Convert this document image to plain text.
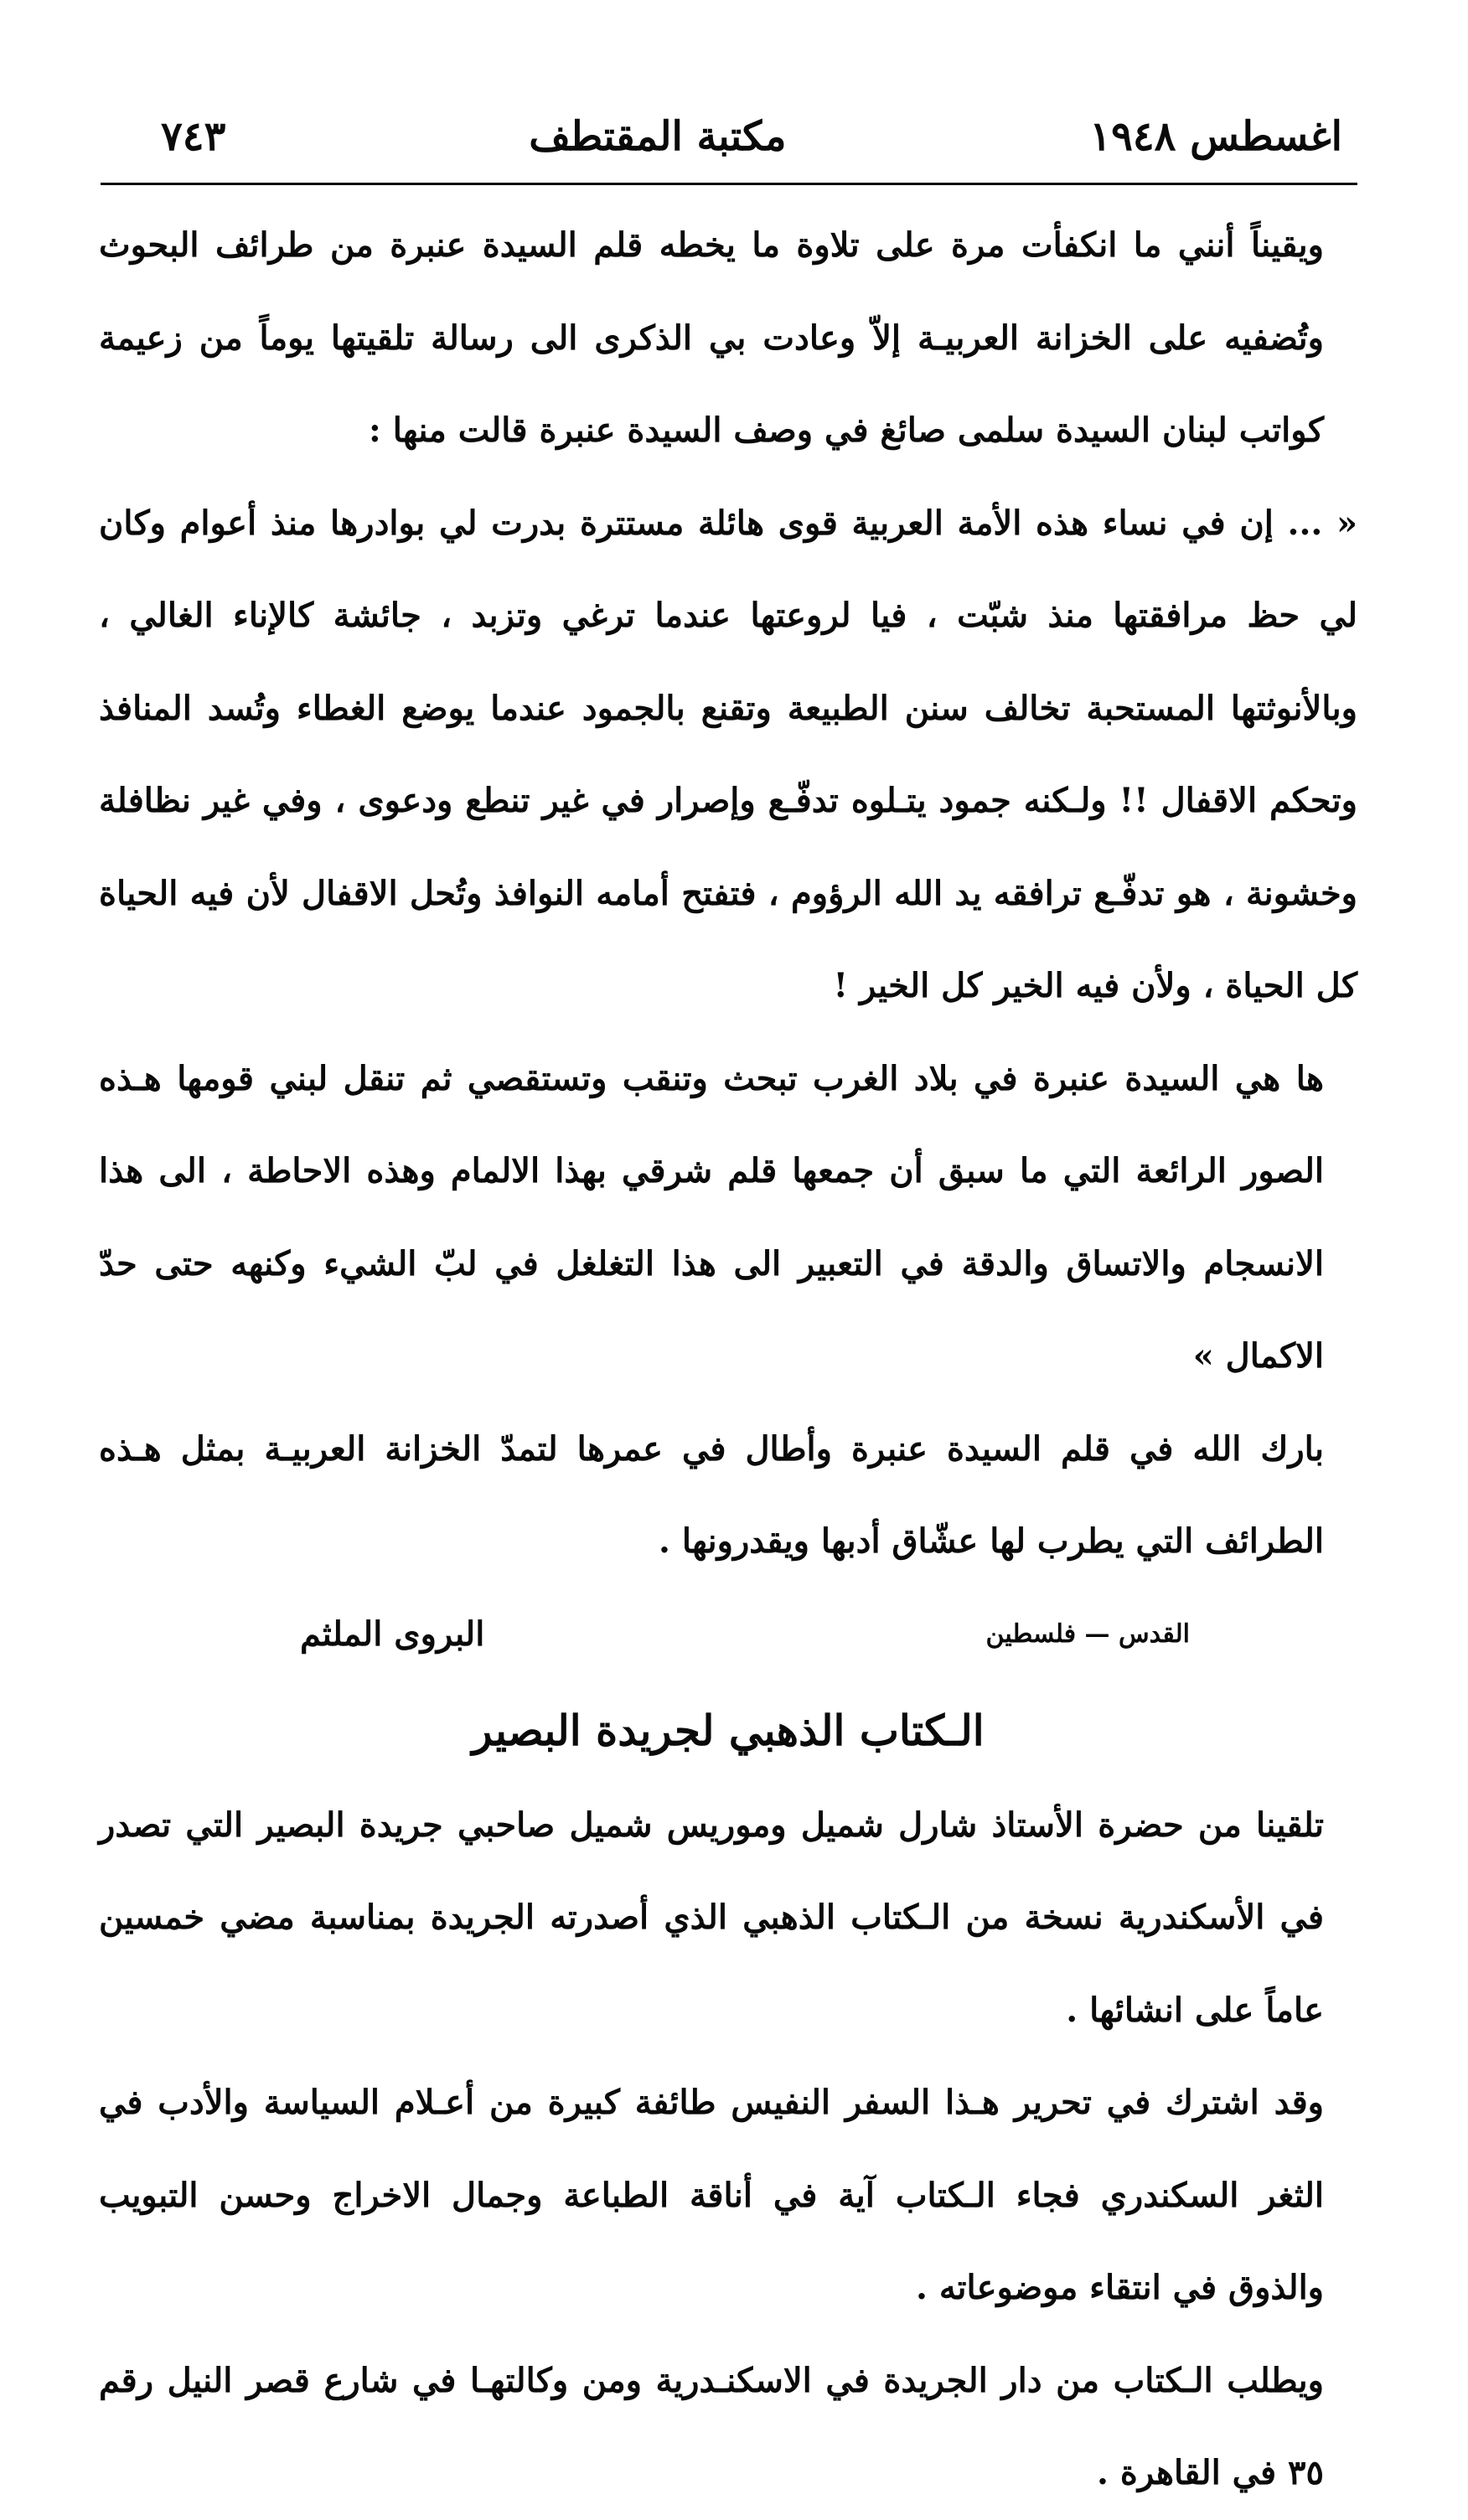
اغسطس ١٩٤٨
مكتبة المقتطف
٧٤٣

ويقيناً أنني ما انكفأت مرة على تلاوة ما يخطه قلم السيدة عنبرة من طرائف البحوث وتُضفيه على الخزانة العربيـة إلاّ وعادت بي الذكرى الى رسالة تلقيتها يوماً من زعيمة كواتب لبنان السيدة سلمى صائغ في وصف السيدة عنبرة قالت منها :

« ... إن في نساء هذه الأمة العربية قوى هائلة مستترة بدرت لي بوادرها منذ أعوام وكان لي حظ مرافقتها منذ شبّت ، فيا لروعتها عندما ترغي وتزبد ، جائشة كالإناء الغالي ، وبالأنوثتها المستحبة تخالف سنن الطبيعة وتقنع بالجمود عندما يوضع الغطاء وتُسد المنافذ وتحكم الاقفال !! ولـكنه جمود يتـلوه تدفّـع وإصرار في غير تنطع ودعوى ، وفي غير نظافلة وخشونة ، هو تدفّـع ترافقه يد الله الرؤوم ، فتفتح أمامه النوافذ وتُحل الاقفال لأن فيه الحياة كل الحياة ، ولأن فيه الخير كل الخير !

ها هي السيدة عنبرة في بلاد الغرب تبحث وتنقب وتستقصي ثم تنقل لبني قومها هـذه الصور الرائعة التي ما سبق أن جمعها قلم شرقي بهذا الالمام وهذه الاحاطة ، الى هذا الانسجام والاتساق والدقة في التعبير الى هذا التغلغل في لبّ الشيء وكنهه حتى حدّ الاكمال »

بارك الله في قلم السيدة عنبرة وأطال في عمرها لتمدّ الخزانة العربيـة بمثل هـذه الطرائف التي يطرب لها عشّاق أدبها ويقدرونها .

القدس — فلسطين
البروى الملثم

الـكتاب الذهبي لجريدة البصير

تلقينا من حضرة الأستاذ شارل شميل وموريس شميل صاحبي جريدة البصير التي تصدر في الأسكندرية نسخة من الـكتاب الذهبي الذي أصدرته الجريدة بمناسبة مضي خمسين عاماً على انشائها .

وقد اشترك في تحرير هـذا السفر النفيس طائفة كبيرة من أعـلام السياسة والأدب في الثغر السكندري فجاء الـكتاب آية في أناقة الطباعة وجمال الاخراج وحسن التبويب والذوق في انتقاء موضوعاته .

ويطلب الـكتاب من دار الجريدة في الاسكنـدرية ومن وكالتهـا في شارع قصر النيل رقم ٣٥ في القاهرة .
